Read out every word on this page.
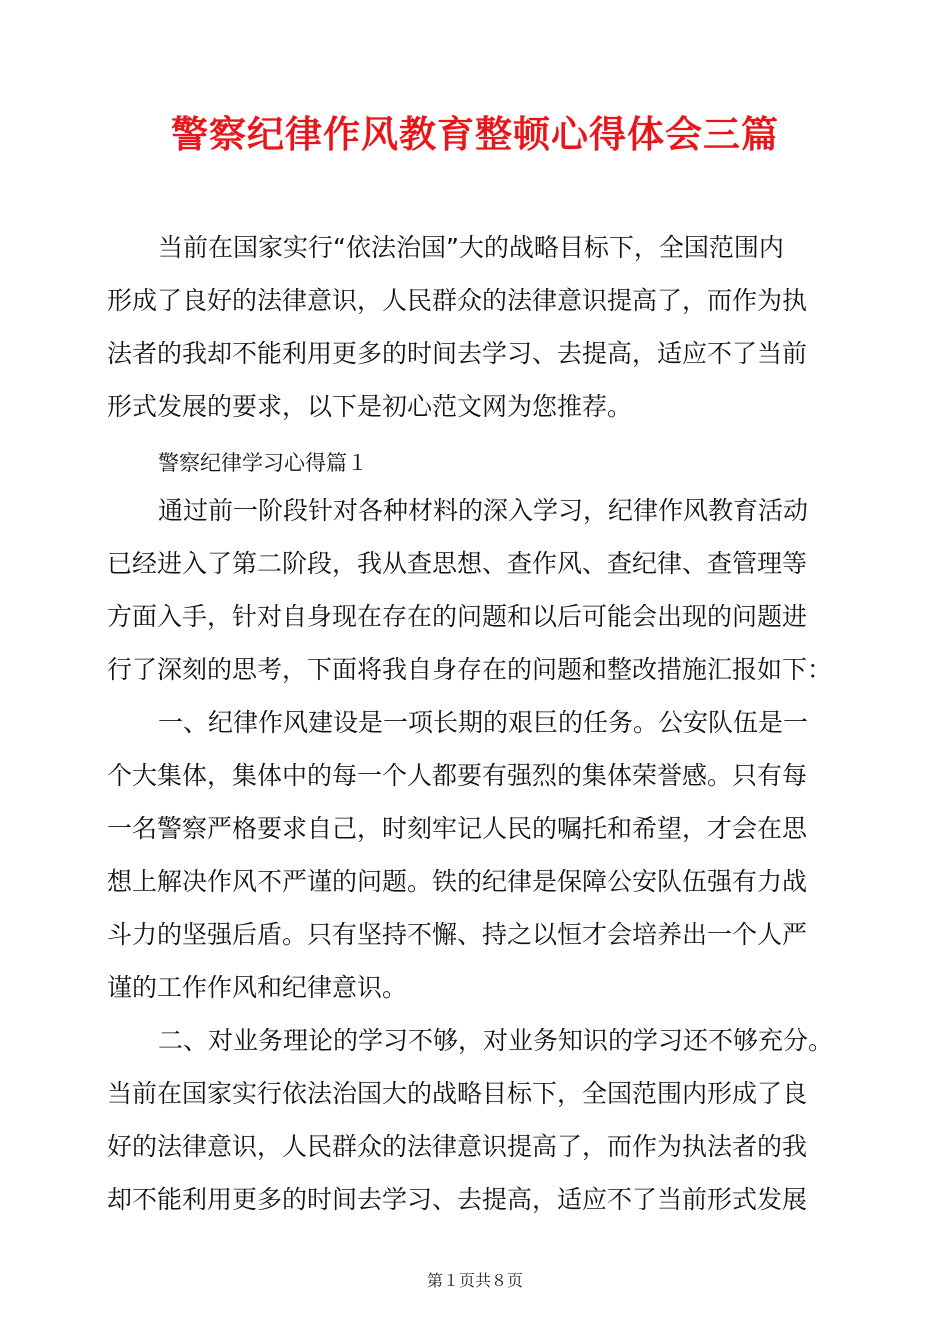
警察纪律作风教育整顿心得体会三篇
当前在国家实行“依法治国”大的战略目标下，全国范围内
形成了良好的法律意识，人民群众的法律意识提高了，而作为执
法者的我却不能利用更多的时间去学习、去提高，适应不了当前
形式发展的要求，以下是初心范文网为您推荐。
警察纪律学习心得篇１
通过前一阶段针对各种材料的深入学习，纪律作风教育活动
已经进入了第二阶段，我从查思想、查作风、查纪律、查管理等
方面入手，针对自身现在存在的问题和以后可能会出现的问题进
行了深刻的思考，下面将我自身存在的问题和整改措施汇报如下：
一、纪律作风建设是一项长期的艰巨的任务。公安队伍是一
个大集体，集体中的每一个人都要有强烈的集体荣誉感。只有每
一名警察严格要求自己，时刻牢记人民的嘱托和希望，才会在思
想上解决作风不严谨的问题。铁的纪律是保障公安队伍强有力战
斗力的坚强后盾。只有坚持不懈、持之以恒才会培养出一个人严
谨的工作作风和纪律意识。
二、对业务理论的学习不够，对业务知识的学习还不够充分。
当前在国家实行依法治国大的战略目标下，全国范围内形成了良
好的法律意识，人民群众的法律意识提高了，而作为执法者的我
却不能利用更多的时间去学习、去提高，适应不了当前形式发展
第１页共８页
